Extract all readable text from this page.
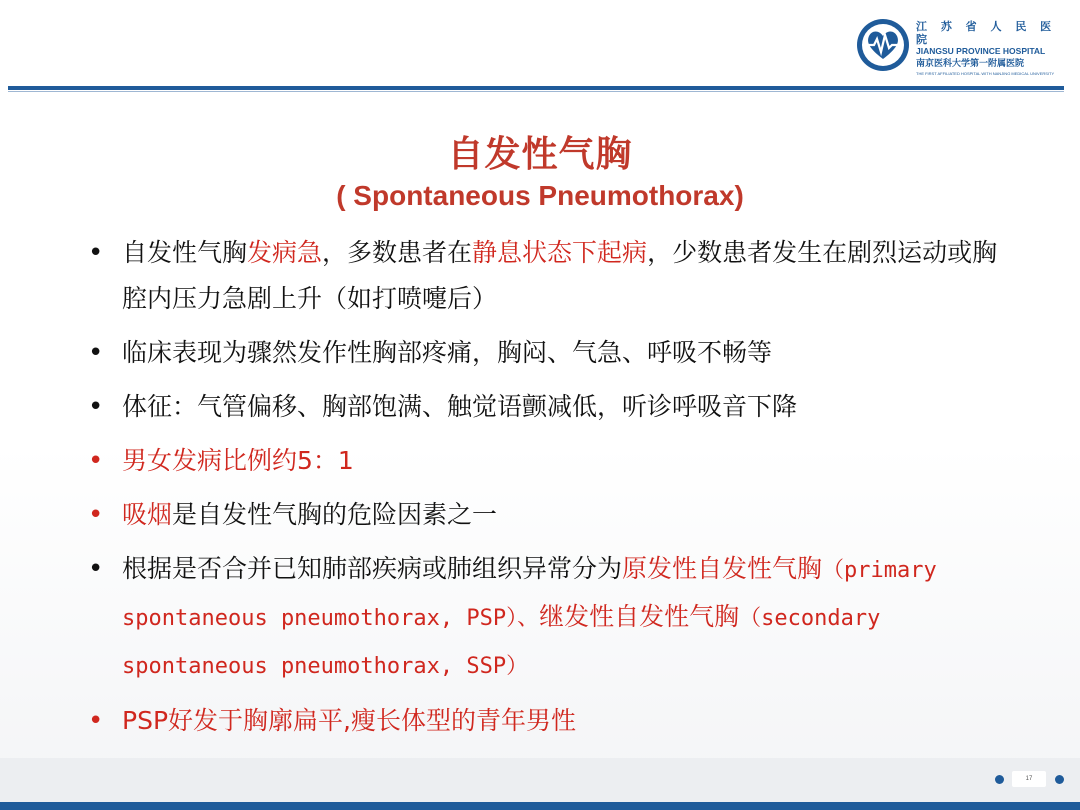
江 苏 省 人 民 医 院
JIANGSU PROVINCE HOSPITAL
南京医科大学第一附属医院
THE FIRST AFFILIATED HOSPITAL WITH NANJING MEDICAL UNIVERSITY
自发性气胸
( Spontaneous Pneumothorax)
• 自发性气胸发病急，多数患者在静息状态下起病，少数患者发生在剧烈运动或胸腔内压力急剧上升（如打喷嚏后）
• 临床表现为骤然发作性胸部疼痛，胸闷、气急、呼吸不畅等
• 体征：气管偏移、胸部饱满、触觉语颤减低，听诊呼吸音下降
• 男女发病比例约5：1
• 吸烟是自发性气胸的危险因素之一
• 根据是否合并已知肺部疾病或肺组织异常分为原发性自发性气胸（primary spontaneous pneumothorax, PSP）、继发性自发性气胸（secondary spontaneous pneumothorax, SSP）
• PSP好发于胸廓扁平,瘦长体型的青年男性
17
